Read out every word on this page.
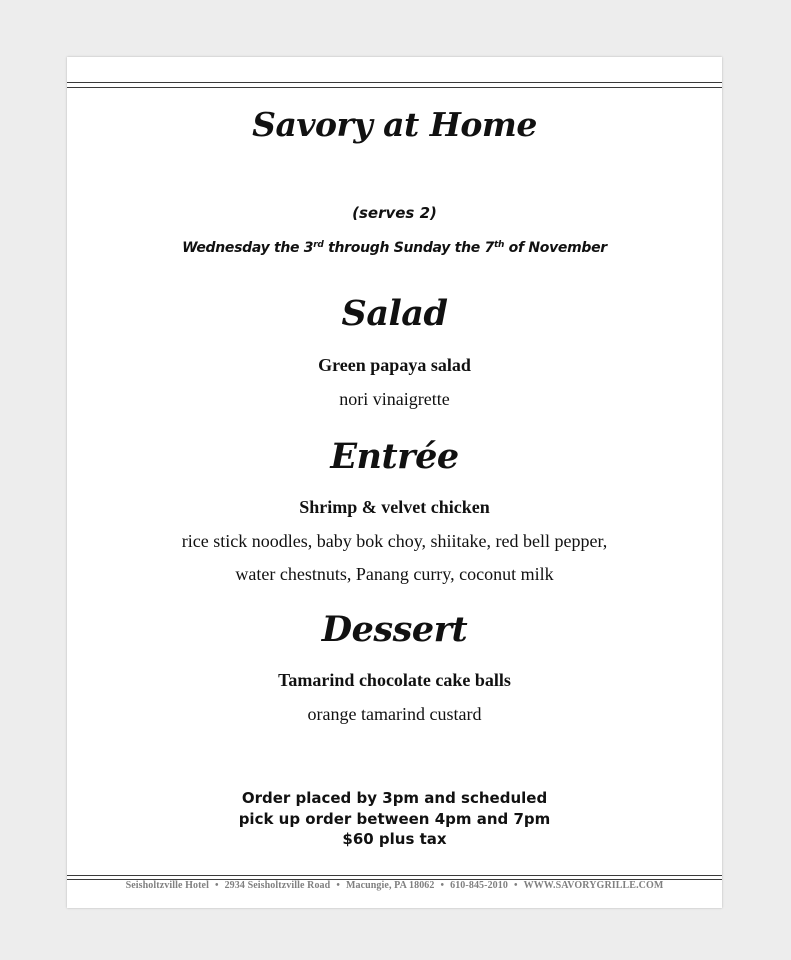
Savory at Home
(serves 2)
Wednesday the 3rd through Sunday the 7th of November
Salad
Green papaya salad
nori vinaigrette
Entrée
Shrimp & velvet chicken
rice stick noodles, baby bok choy, shiitake, red bell pepper,
water chestnuts, Panang curry, coconut milk
Dessert
Tamarind chocolate cake balls
orange tamarind custard
Order placed by 3pm and scheduled
pick up order between 4pm and 7pm
$60 plus tax
Seisholtzville Hotel • 2934 Seisholtzville Road • Macungie, PA 18062 • 610-845-2010 • WWW.SAVORYGRILLE.COM
